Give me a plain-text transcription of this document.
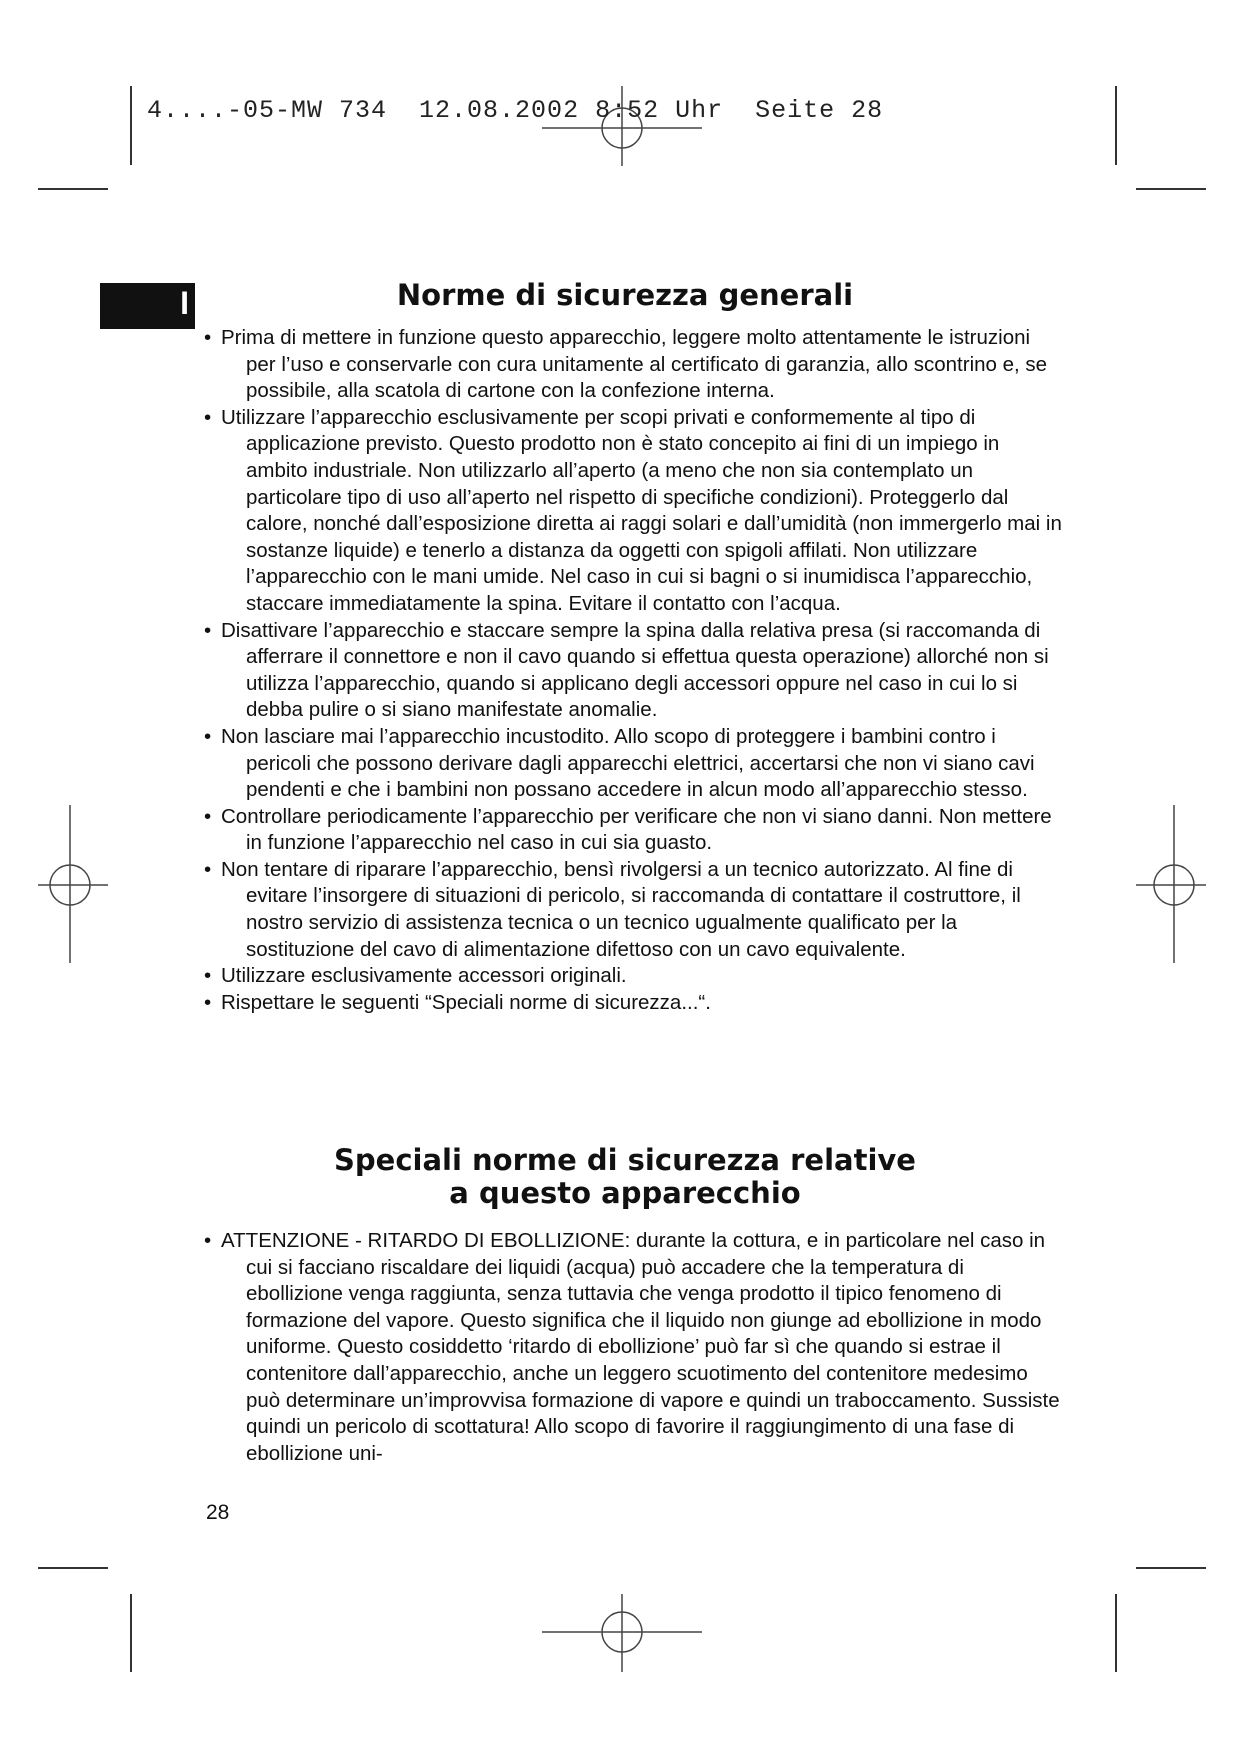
4....-05-MW 734  12.08.2002 8:52 Uhr  Seite 28
I	Norme di sicurezza generali
• Prima di mettere in funzione questo apparecchio, leggere molto attentamente le istruzioni per l’uso e conservarle con cura unitamente al certificato di garanzia, allo scontrino e, se possibile, alla scatola di cartone con la confezione interna.
• Utilizzare l’apparecchio esclusivamente per scopi privati e conformemente al tipo di applicazione previsto. Questo prodotto non è stato concepito ai fini di un impiego in ambito industriale. Non utilizzarlo all’aperto (a meno che non sia contemplato un particolare tipo di uso all’aperto nel rispetto di specifiche condizioni). Proteggerlo dal calore, nonché dall’esposizione diretta ai raggi solari e dall’umidità (non immergerlo mai in sostanze liquide) e tenerlo a distanza da oggetti con spigoli affilati. Non utilizzare l’apparecchio con le mani umide. Nel caso in cui si bagni o si inumidisca l’apparecchio, staccare immediatamente la spina. Evitare il contatto con l’acqua.
• Disattivare l’apparecchio e staccare sempre la spina dalla relativa presa (si raccomanda di afferrare il connettore e non il cavo quando si effettua questa operazione) allorché non si utilizza l’apparecchio, quando si applicano degli accessori oppure nel caso in cui lo si debba pulire o si siano manifestate anomalie.
• Non lasciare mai l’apparecchio incustodito. Allo scopo di proteggere i bambini contro i pericoli che possono derivare dagli apparecchi elettrici, accertarsi che non vi siano cavi pendenti e che i bambini non possano accedere in alcun modo all’apparecchio stesso.
• Controllare periodicamente l’apparecchio per verificare che non vi siano danni. Non mettere in funzione l’apparecchio nel caso in cui sia guasto.
• Non tentare di riparare l’apparecchio, bensì rivolgersi a un tecnico autorizzato. Al fine di evitare l’insorgere di situazioni di pericolo, si raccomanda di contattare il costruttore, il nostro servizio di assistenza tecnica o un tecnico ugualmente qualificato per la sostituzione del cavo di alimentazione difettoso con un cavo equivalente.
• Utilizzare esclusivamente accessori originali.
• Rispettare le seguenti “Speciali norme di sicurezza...“.
Speciali norme di sicurezza relative
a questo apparecchio
• ATTENZIONE - RITARDO DI EBOLLIZIONE: durante la cottura, e in particolare nel caso in cui si facciano riscaldare dei liquidi (acqua) può accadere che la temperatura di ebollizione venga raggiunta, senza tuttavia che venga prodotto il tipico fenomeno di formazione del vapore. Questo significa che il liquido non giunge ad ebollizione in modo uniforme. Questo cosiddetto ‘ritardo di ebollizione’ può far sì che quando si estrae il contenitore dall’apparecchio, anche un leggero scuotimento del contenitore medesimo può determinare un’improvvisa formazione di vapore e quindi un traboccamento. Sussiste quindi un pericolo di scottatura! Allo scopo di favorire il raggiungimento di una fase di ebollizione uni-
28
